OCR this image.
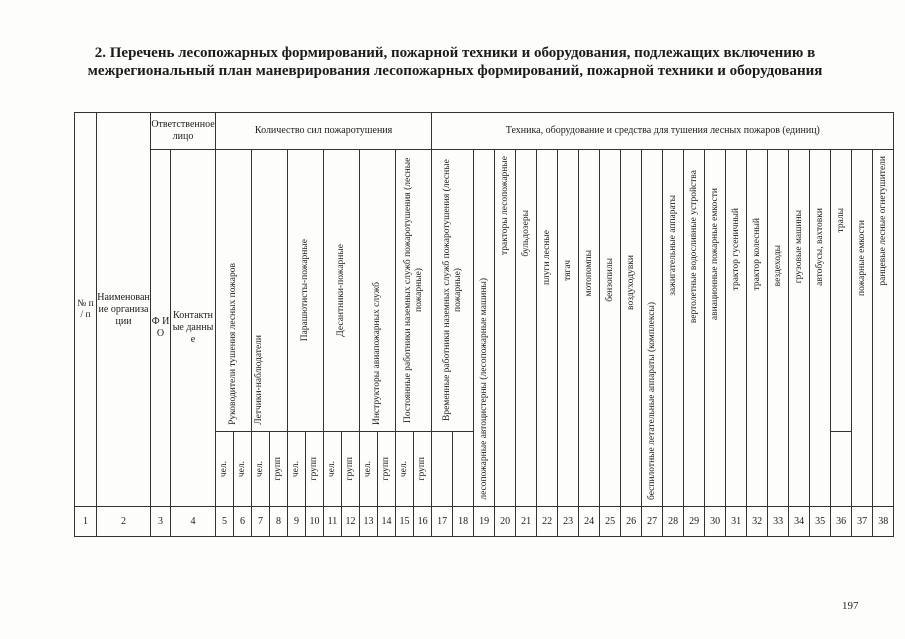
2. Перечень лесопожарных формирований, пожарной техники и оборудования, подлежащих включению в межрегиональный план маневрирования лесопожарных формирований, пожарной техники и оборудования
№ п / п	Наименование организации	Ответственное лицо		Количество сил пожаротушения												Техника, оборудование и средства для тушения лесных пожаров (единиц)																						
		Ф И О	Контактные данные	Руководители тушения лесных пожаров		Летчики-наблюдатели		Парашютисты-пожарные		Десантники-пожарные		Инструкторы авиапожарных служб		Постоянные работники наземных служб пожаротушения (лесные пожарные)		Временные работники наземных служб пожаротушения (лесные пожарные)		лесопожарные автоцистерны (лесопожарные машины)	тракторы лесопожарные	бульдозеры	плуги лесные	тягач	мотопомпы	бензопилы	воздуходувки	беспилотные летательные аппараты (комплексы)	зажигательные аппараты	вертолетные водосливные устройства	авиационные пожарные емкости	трактор гусеничный	трактор колесный	вездеходы	грузовые машины	автобусы, вахтовки	тралы	пожарные емкости	ранцевые лесные огнетушители

				чел.	чел.	чел.	групп	чел.	групп	чел.	групп	чел.	групп	чел.	групп																							

1	2	3	4	5	6	7	8	9	10	11	12	13	14	15	16	17	18	19	20	21	22	23	24	25	26	27	28	29	30	31	32	33	34	35	36	37	38	
197
